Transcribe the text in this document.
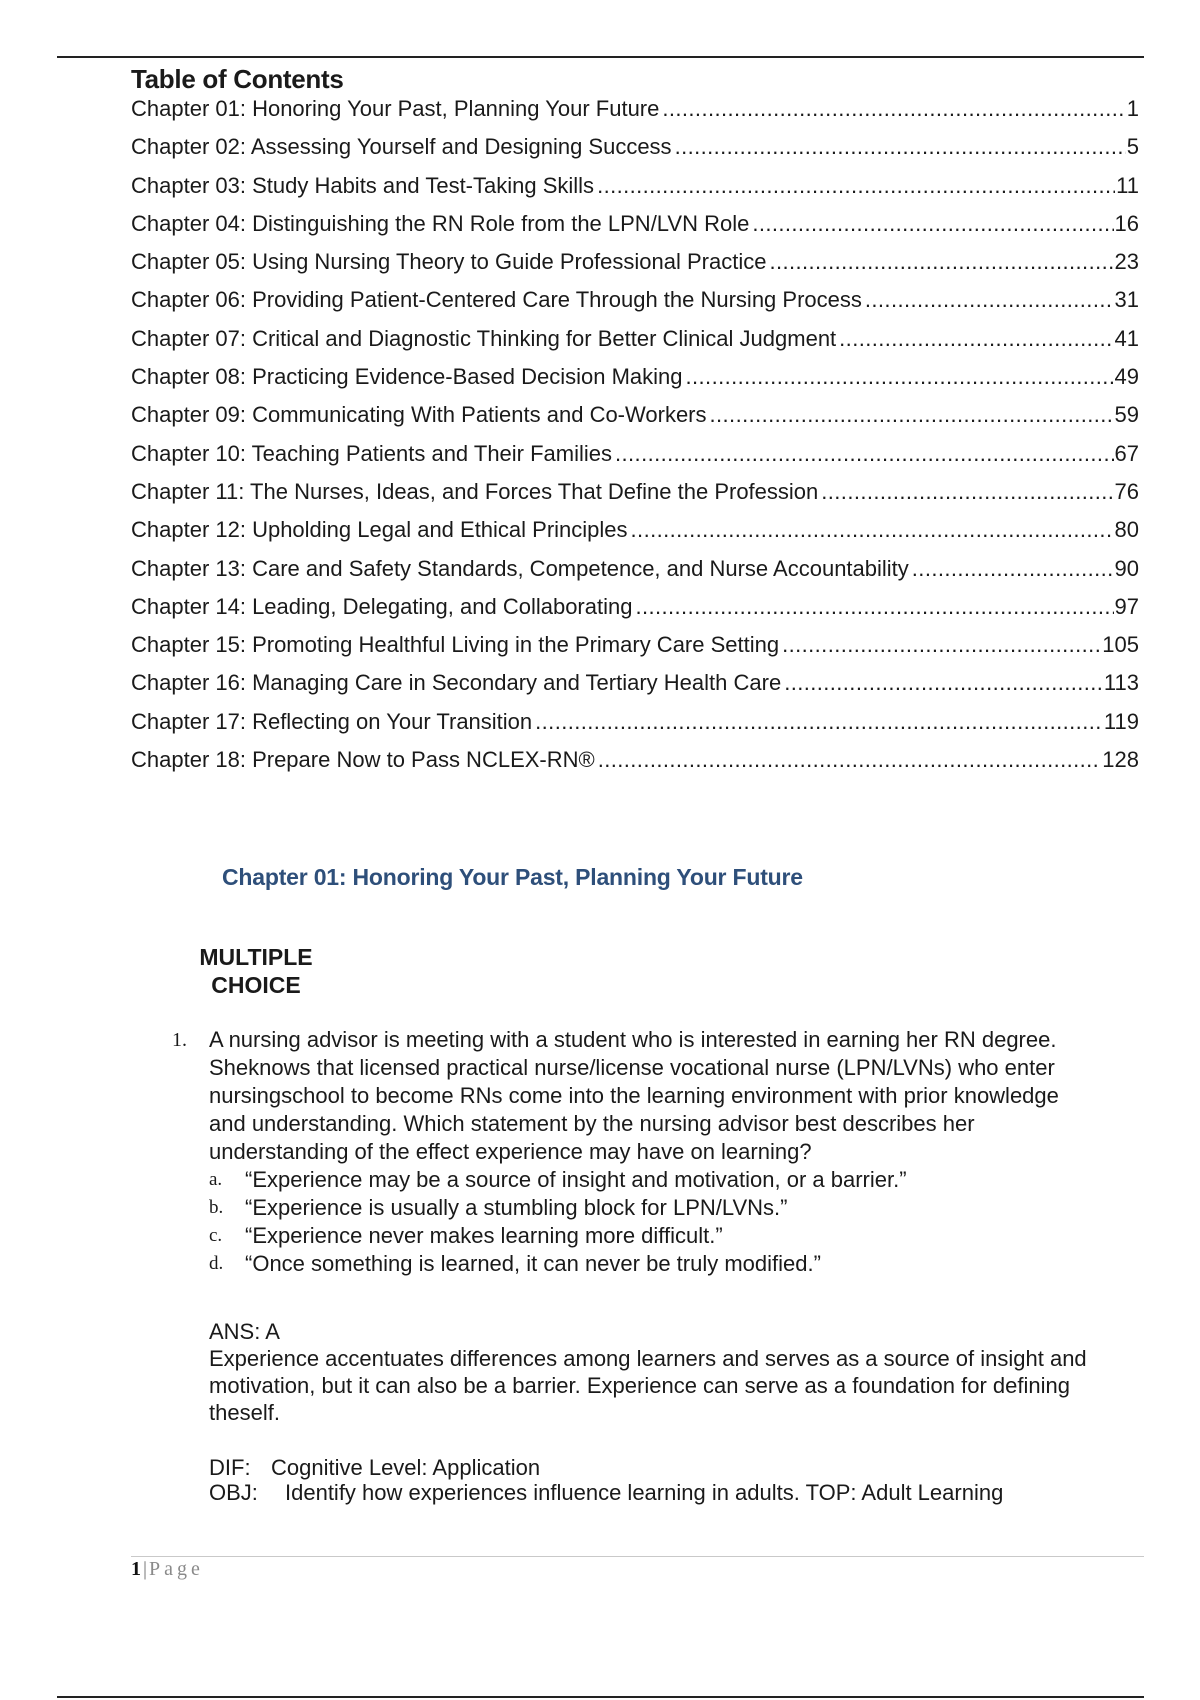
Table of Contents
Chapter 01: Honoring Your Past, Planning Your Future .....	1
Chapter 02: Assessing Yourself and Designing Success .....	5
Chapter 03: Study Habits and Test-Taking Skills .....	11
Chapter 04: Distinguishing the RN Role from the LPN/LVN Role .....	16
Chapter 05: Using Nursing Theory to Guide Professional Practice .....	23
Chapter 06: Providing Patient-Centered Care Through the Nursing Process .....	31
Chapter 07: Critical and Diagnostic Thinking for Better Clinical Judgment .....	41
Chapter 08: Practicing Evidence-Based Decision Making .....	49
Chapter 09: Communicating With Patients and Co-Workers .....	59
Chapter 10: Teaching Patients and Their Families .....	67
Chapter 11: The Nurses, Ideas, and Forces That Define the Profession .....	76
Chapter 12: Upholding Legal and Ethical Principles .....	80
Chapter 13: Care and Safety Standards, Competence, and Nurse Accountability .....	90
Chapter 14: Leading, Delegating, and Collaborating .....	97
Chapter 15: Promoting Healthful Living in the Primary Care Setting .....	105
Chapter 16: Managing Care in Secondary and Tertiary Health Care .....	113
Chapter 17: Reflecting on Your Transition .....	119
Chapter 18: Prepare Now to Pass NCLEX-RN® .....	128
Chapter 01: Honoring Your Past, Planning Your Future
MULTIPLE
CHOICE
1. A nursing advisor is meeting with a student who is interested in earning her RN degree. Sheknows that licensed practical nurse/license vocational nurse (LPN/LVNs) who enter nursingschool to become RNs come into the learning environment with prior knowledge and understanding. Which statement by the nursing advisor best describes her understanding of the effect experience may have on learning?
a. “Experience may be a source of insight and motivation, or a barrier.”
b. “Experience is usually a stumbling block for LPN/LVNs.”
c. “Experience never makes learning more difficult.”
d. “Once something is learned, it can never be truly modified.”
ANS: A
Experience accentuates differences among learners and serves as a source of insight and motivation, but it can also be a barrier. Experience can serve as a foundation for defining theself.
DIF: Cognitive Level: Application
OBJ: Identify how experiences influence learning in adults. TOP: Adult Learning
1 | Page
